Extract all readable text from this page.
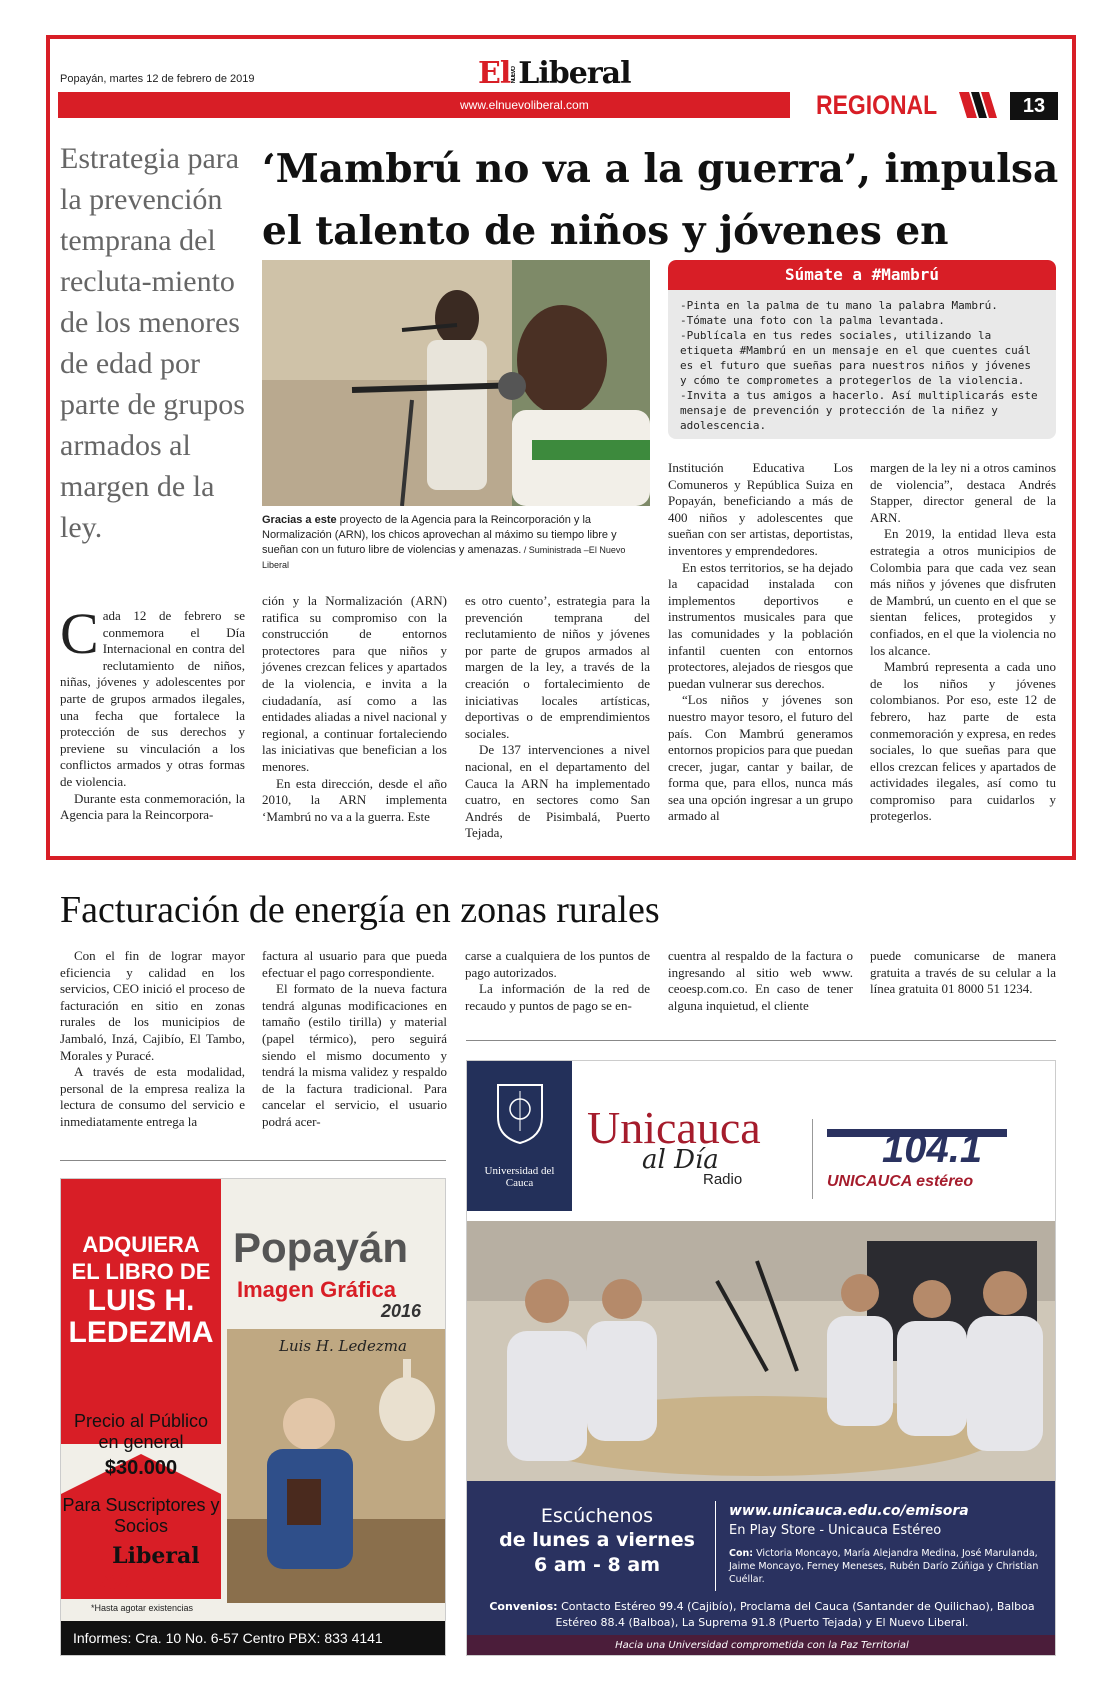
Popayán, martes 12 de febrero de 2019	ElNUEVOLiberal
www.elnuevoliberal.com	REGIONAL	13
Estrategia para la prevención temprana del recluta-miento de los menores de edad por parte de grupos armados al margen de la ley.
‘Mambrú no va a la guerra’, impulsa el talento de niños y jóvenes en
Gracias a este proyecto de la Agencia para la Reincorporación y la Normalización (ARN), los chicos aprovechan al máximo su tiempo libre y sueñan con un futuro libre de violencias y amenazas. / Suministrada –El Nuevo Liberal
Súmate a #Mambrú
-Pinta en la palma de tu mano la palabra Mambrú.
-Tómate una foto con la palma levantada.
-Publícala en tus redes sociales, utilizando la etiqueta #Mambrú en un mensaje en el que cuentes cuál es el futuro que sueñas para nuestros niños y jóvenes y cómo te comprometes a protegerlos de la violencia.
-Invita a tus amigos a hacerlo. Así multiplicarás este mensaje de prevención y protección de la niñez y adolescencia.
C ada 12 de febrero se conmemora el Día Internacional en contra del reclutamiento de niños, niñas, jóvenes y adolescentes por parte de grupos armados ilegales, una fecha que fortalece la protección de sus derechos y previene su vinculación a los conflictos armados y otras formas de violencia.

Durante esta conmemoración, la Agencia para la Reincorpora-

ción y la Normalización (ARN) ratifica su compromiso con la construcción de entornos protectores para que niños y jóvenes crezcan felices y apartados de la violencia, e invita a la ciudadanía, así como a las entidades aliadas a nivel nacional y regional, a continuar fortaleciendo las iniciativas que benefician a los menores.

En esta dirección, desde el año 2010, la ARN implementa ‘Mambrú no va a la guerra. Este

es otro cuento’, estrategia para la prevención temprana del reclutamiento de niños y jóvenes por parte de grupos armados al margen de la ley, a través de la creación o fortalecimiento de iniciativas locales artísticas, deportivas o de emprendimientos sociales.

De 137 intervenciones a nivel nacional, en el departamento del Cauca la ARN ha implementado cuatro, en sectores como San Andrés de Pisimbalá, Puerto Tejada,

Institución Educativa Los Comuneros y República Suiza en Popayán, beneficiando a más de 400 niños y adolescentes que sueñan con ser artistas, deportistas, inventores y emprendedores.

En estos territorios, se ha dejado la capacidad instalada con implementos deportivos e instrumentos musicales para que las comunidades y la población infantil cuenten con entornos protectores, alejados de riesgos que puedan vulnerar sus derechos.

“Los niños y jóvenes son nuestro mayor tesoro, el futuro del país. Con Mambrú generamos entornos propicios para que puedan crecer, jugar, cantar y bailar, de forma que, para ellos, nunca más sea una opción ingresar a un grupo armado al

margen de la ley ni a otros caminos de violencia”, destaca Andrés Stapper, director general de la ARN.

En 2019, la entidad lleva esta estrategia a otros municipios de Colombia para que cada vez sean más niños y jóvenes que disfruten de Mambrú, un cuento en el que se sientan felices, protegidos y confiados, en el que la violencia no los alcance.

Mambrú representa a cada uno de los niños y jóvenes colombianos. Por eso, este 12 de febrero, haz parte de esta conmemoración y expresa, en redes sociales, lo que sueñas para que ellos crezcan felices y apartados de actividades ilegales, así como tu compromiso para cuidarlos y protegerlos.

Facturación de energía en zonas rurales

Con el fin de lograr mayor eficiencia y calidad en los servicios, CEO inició el proceso de facturación en sitio en zonas rurales de los municipios de Jambaló, Inzá, Cajibío, El Tambo, Morales y Puracé.

A través de esta modalidad, personal de la empresa realiza la lectura de consumo del servicio e inmediatamente entrega la

factura al usuario para que pueda efectuar el pago correspondiente.

El formato de la nueva factura tendrá algunas modificaciones en tamaño (estilo tirilla) y material (papel térmico), pero seguirá siendo el mismo documento y tendrá la misma validez y respaldo de la factura tradicional. Para cancelar el servicio, el usuario podrá acer-

carse a cualquiera de los puntos de pago autorizados.

La información de la red de recaudo y puntos de pago se en-

cuentra al respaldo de la factura o ingresando al sitio web www. ceoesp.com.co. En caso de tener alguna inquietud, el cliente

puede comunicarse de manera gratuita a través de su celular a la línea gratuita 01 8000 51 1234.

ADQUIERA
EL LIBRO DE
LUIS H.
LEDEZMA
Popayán
Imagen Gráfica
2016
Luis H. Ledezma
Precio al Público en general
$30.000
Para Suscriptores y Socios
ElLiberal
$24.000
*Hasta agotar existencias
Informes: Cra. 10 No. 6-57 Centro PBX: 833 4141
Universidad del Cauca
Unicauca
al Día
Radio
104.1
UNICAUCA estéreo
Escúchenos
de lunes a viernes
6 am - 8 am
www.unicauca.edu.co/emisora
En Play Store - Unicauca Estéreo
Con: Victoria Moncayo, María Alejandra Medina, José Marulanda, Jaime Moncayo, Ferney Meneses, Rubén Darío Zúñiga y Christian Cuéllar.
Convenios: Contacto Estéreo 99.4 (Cajibío), Proclama del Cauca (Santander de Quilichao), Balboa Estéreo 88.4 (Balboa), La Suprema 91.8 (Puerto Tejada) y El Nuevo Liberal.
Hacia una Universidad comprometida con la Paz Territorial
